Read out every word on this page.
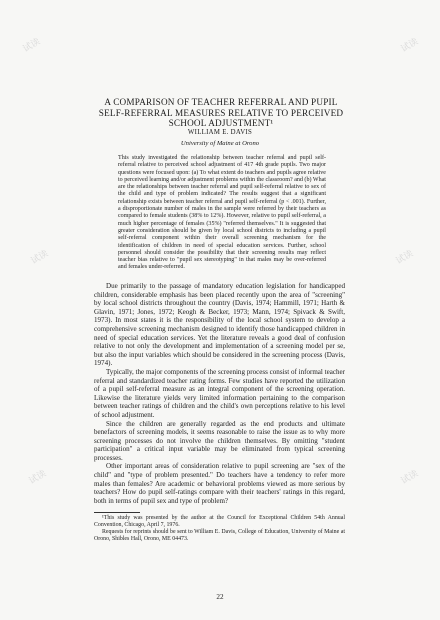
试读	试读
试读	试读
试读	试读
A COMPARISON OF TEACHER REFERRAL AND PUPIL SELF-REFERRAL MEASURES RELATIVE TO PERCEIVED SCHOOL ADJUSTMENT¹
WILLIAM E. DAVIS
University of Maine at Orono
This study investigated the relationship between teacher referral and pupil self-referral relative to perceived school adjustment of 417 4th grade pupils. Two major questions were focused upon: (a) To what extent do teachers and pupils agree relative to perceived learning and/or adjustment problems within the classroom? and (b) What are the relationships between teacher referral and pupil self-referral relative to sex of the child and type of problem indicated? The results suggest that a significant relationship exists between teacher referral and pupil self-referral (p < .001). Further, a disproportionate number of males in the sample were referred by their teachers as compared to female students (38% to 12%). However, relative to pupil self-referral, a much higher percentage of females (35%) "referred themselves." It is suggested that greater consideration should be given by local school districts to including a pupil self-referral component within their overall screening mechanism for the identification of children in need of special education services. Further, school personnel should consider the possibility that their screening results may reflect teacher bias relative to "pupil sex stereotyping" in that males may be over-referred and females under-referred.

Due primarily to the passage of mandatory education legislation for handicapped children, considerable emphasis has been placed recently upon the area of "screening" by local school districts throughout the country (Davis, 1974; Hammill, 1971; Harth & Glavin, 1971; Jones, 1972; Keogh & Becker, 1973; Mann, 1974; Spivack & Swift, 1973). In most states it is the responsibility of the local school system to develop a comprehensive screening mechanism designed to identify those handicapped children in need of special education services. Yet the literature reveals a good deal of confusion relative to not only the development and implementation of a screening model per se, but also the input variables which should be considered in the screening process (Davis, 1974).

Typically, the major components of the screening process consist of informal teacher referral and standardized teacher rating forms. Few studies have reported the utilization of a pupil self-referral measure as an integral component of the screening operation. Likewise the literature yields very limited information pertaining to the comparison between teacher ratings of children and the child's own perceptions relative to his level of school adjustment.

Since the children are generally regarded as the end products and ultimate benefactors of screening models, it seems reasonable to raise the issue as to why more screening processes do not involve the children themselves. By omitting "student participation" a critical input variable may be eliminated from typical screening processes.

Other important areas of consideration relative to pupil screening are "sex of the child" and "type of problem presented." Do teachers have a tendency to refer more males than females? Are academic or behavioral problems viewed as more serious by teachers? How do pupil self-ratings compare with their teachers' ratings in this regard, both in terms of pupil sex and type of problem?

¹This study was presented by the author at the Council for Exceptional Children 54th Annual Convention, Chicago, April 7, 1976.

Requests for reprints should be sent to William E. Davis, College of Education, University of Maine at Orono, Shibles Hall, Orono, ME 04473.

22
